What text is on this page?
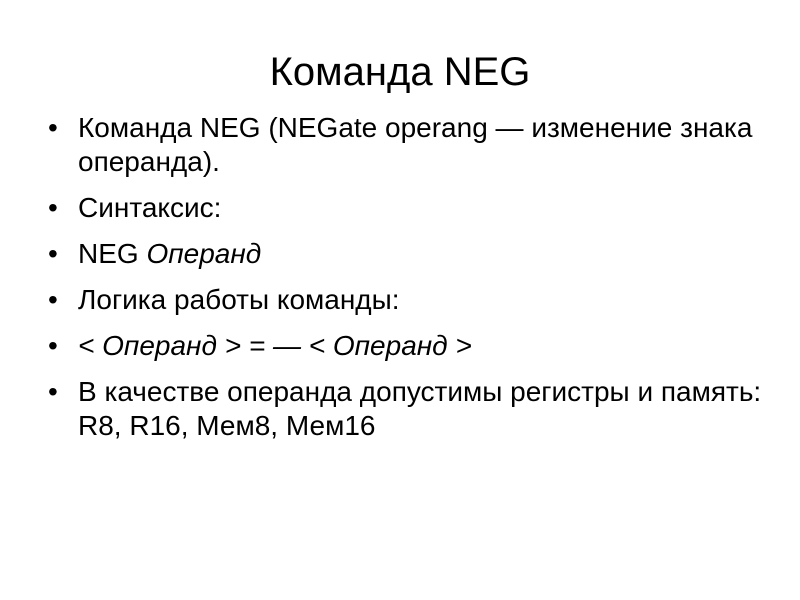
Команда NEG
• Команда NEG (NEGate operang — изменение знака операнда).
• Синтаксис:
• NEG Операнд
• Логика работы команды:
• < Операнд > = — < Операнд >
• В качестве операнда допустимы регистры и память: R8, R16, Мем8, Мем16
